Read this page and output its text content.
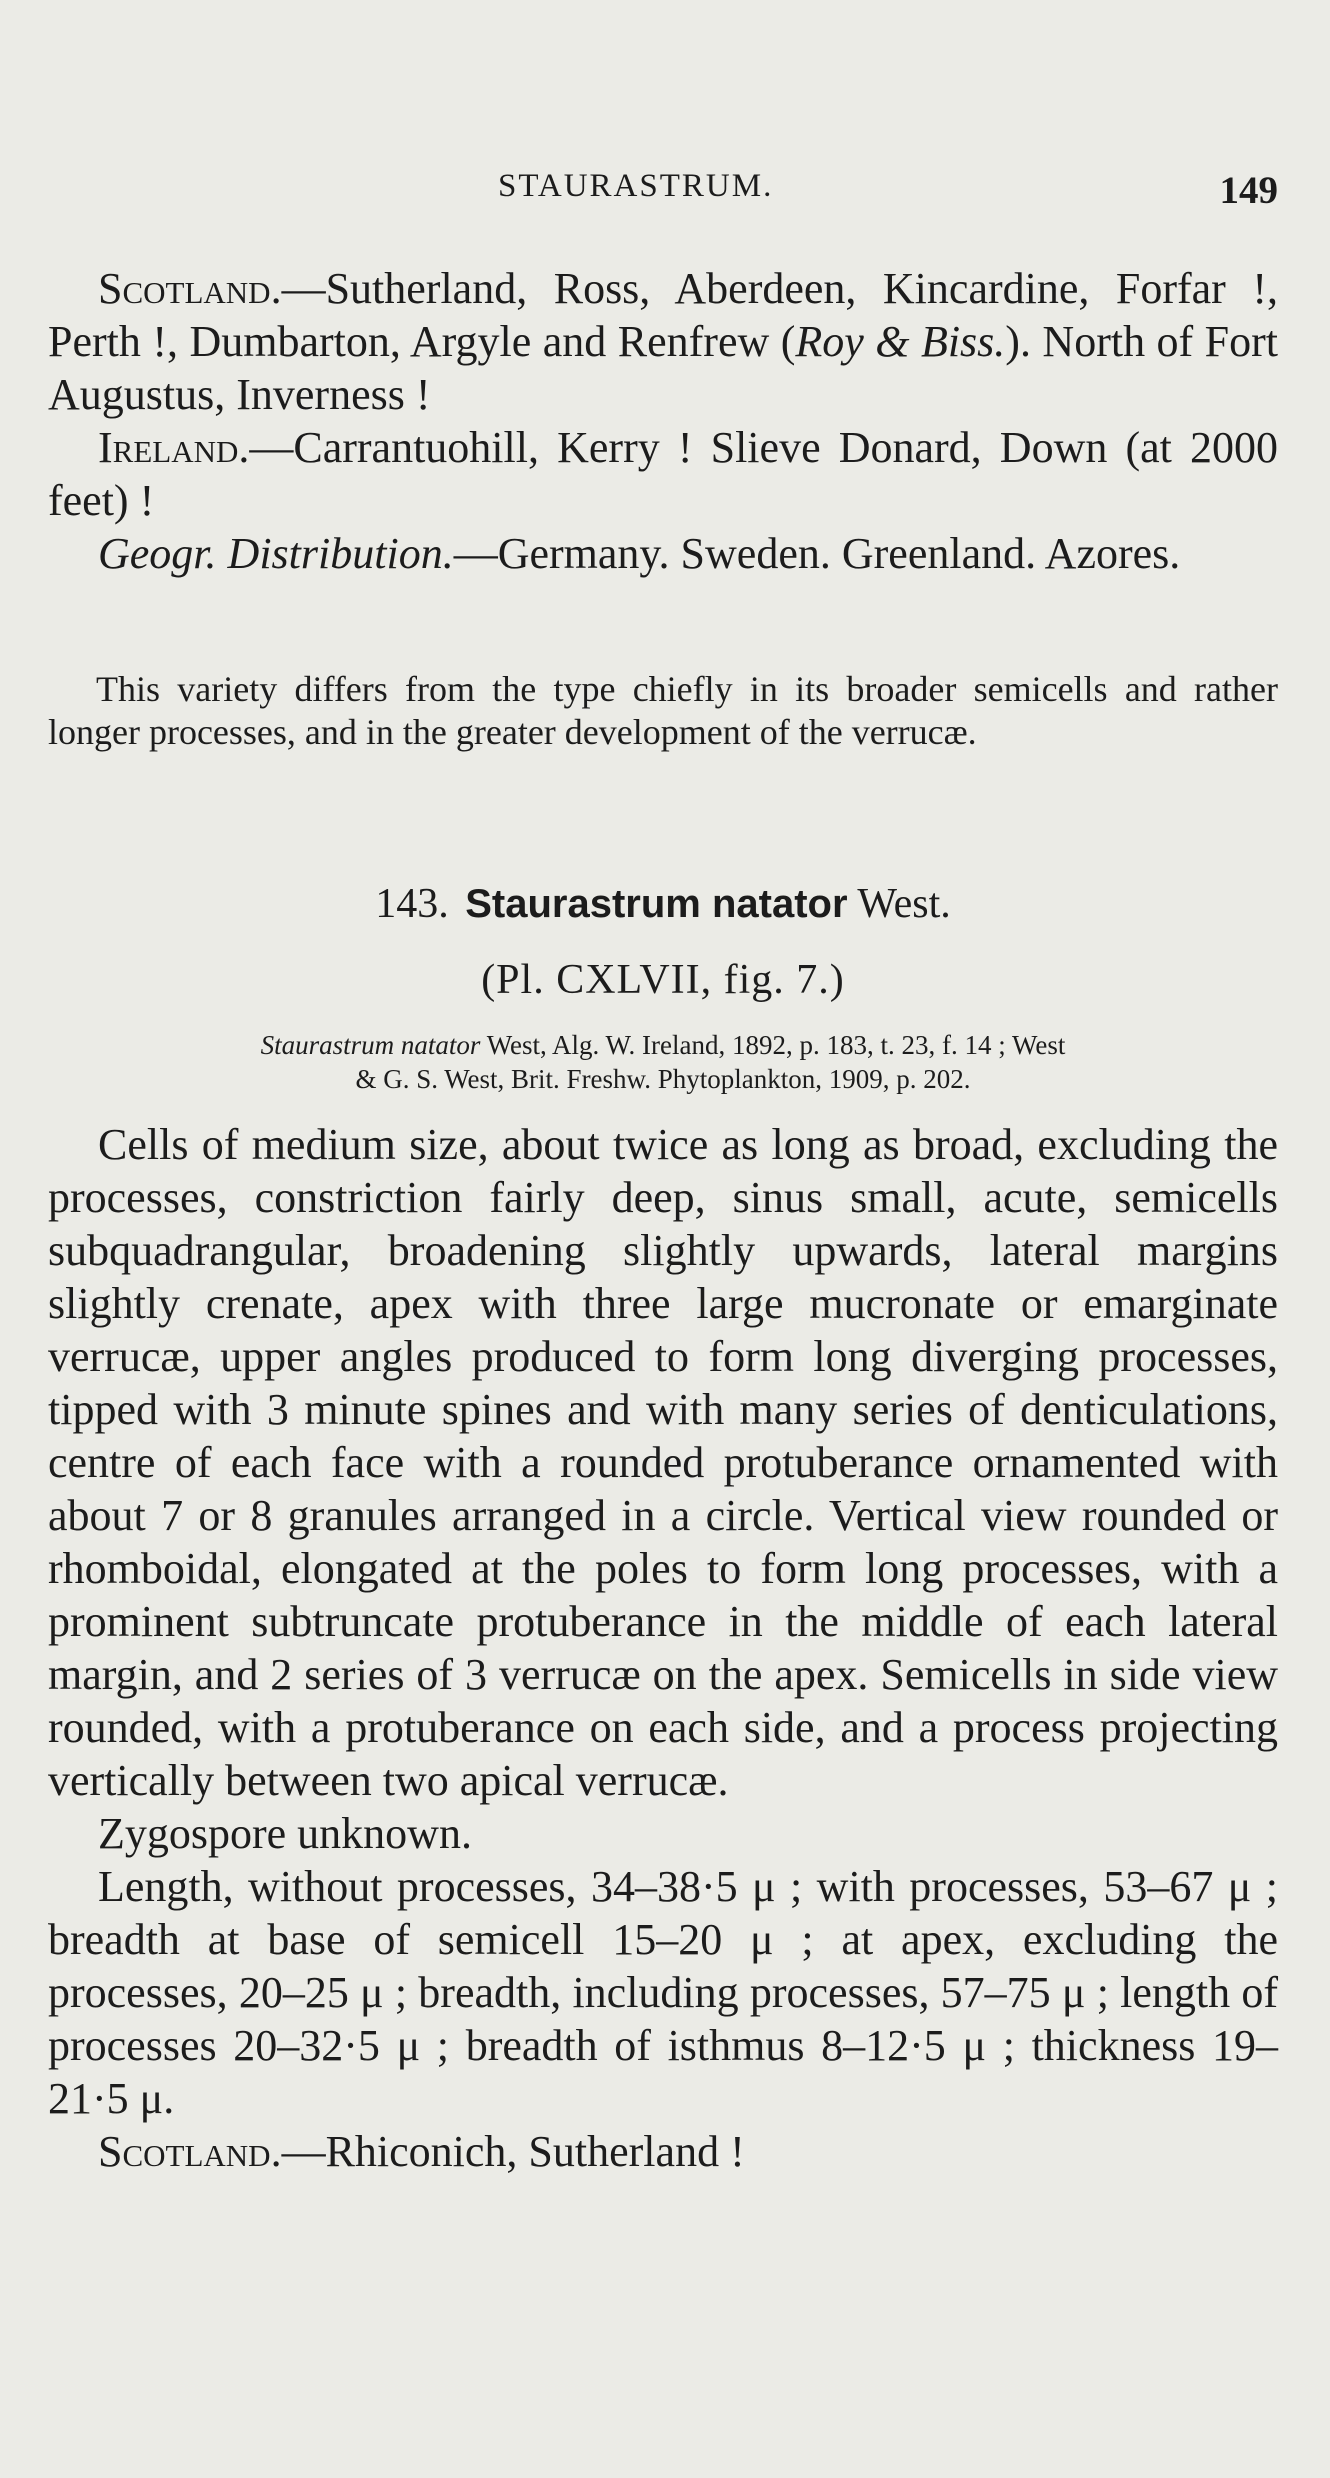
STAURASTRUM.	149

Scotland.—Sutherland, Ross, Aberdeen, Kincardine, Forfar !, Perth !, Dumbarton, Argyle and Renfrew (Roy & Biss.). North of Fort Augustus, Inverness !

Ireland.—Carrantuohill, Kerry ! Slieve Donard, Down (at 2000 feet) !

Geogr. Distribution.—Germany. Sweden. Greenland. Azores.

This variety differs from the type chiefly in its broader semicells and rather longer processes, and in the greater development of the verrucæ.

143. Staurastrum natator West.
(Pl. CXLVII, fig. 7.)

Staurastrum natator West, Alg. W. Ireland, 1892, p. 183, t. 23, f. 14 ; West

& G. S. West, Brit. Freshw. Phytoplankton, 1909, p. 202.

Cells of medium size, about twice as long as broad, excluding the processes, constriction fairly deep, sinus small, acute, semicells subquadrangular, broadening slightly upwards, lateral margins slightly crenate, apex with three large mucronate or emarginate verrucæ, upper angles produced to form long diverging processes, tipped with 3 minute spines and with many series of denticulations, centre of each face with a rounded protuberance ornamented with about 7 or 8 granules arranged in a circle. Vertical view rounded or rhomboidal, elongated at the poles to form long processes, with a prominent subtruncate protuberance in the middle of each lateral margin, and 2 series of 3 verrucæ on the apex. Semicells in side view rounded, with a protuberance on each side, and a process projecting vertically between two apical verrucæ.

Zygospore unknown.

Length, without processes, 34–38·5 μ ; with processes, 53–67 μ ; breadth at base of semicell 15–20 μ ; at apex, excluding the processes, 20–25 μ ; breadth, including processes, 57–75 μ ; length of processes 20–32·5 μ ; breadth of isthmus 8–12·5 μ ; thickness 19–21·5 μ.

Scotland.—Rhiconich, Sutherland !
